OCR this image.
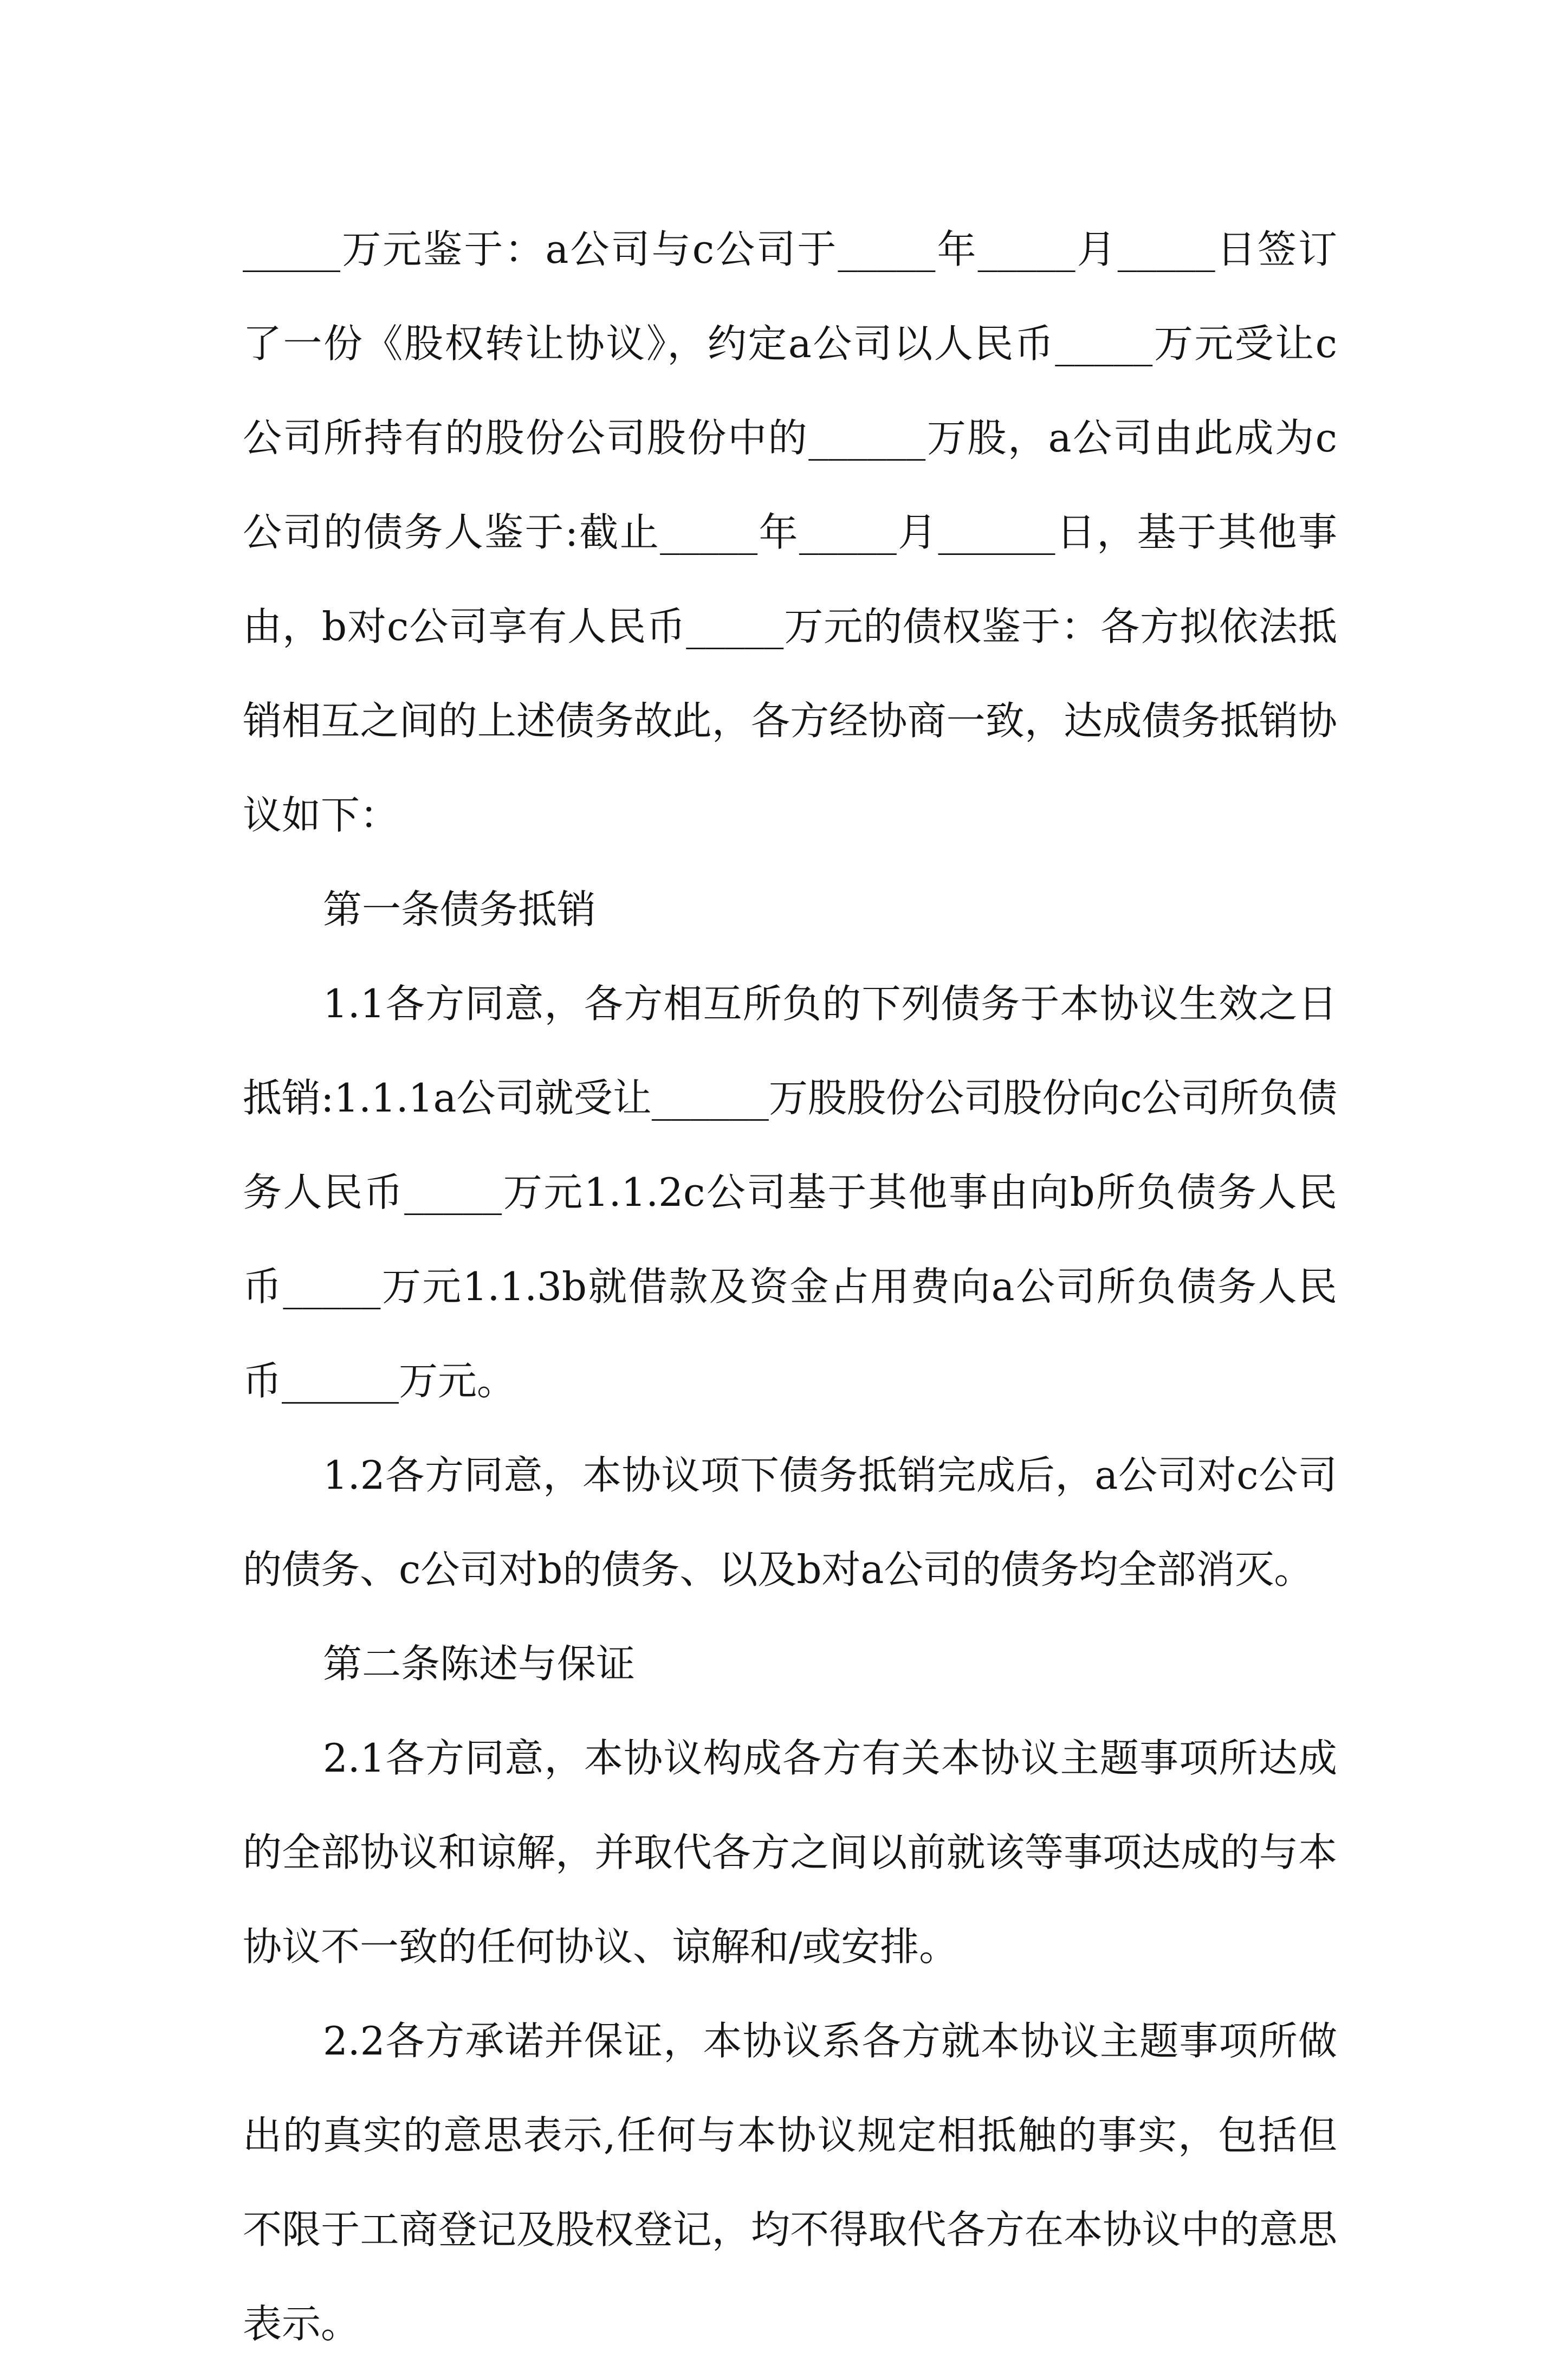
_____万元鉴于：a公司与c公司于_____年_____月_____日签订了一份《股权转让协议》，约定a公司以人民币_____万元受让c公司所持有的股份公司股份中的______万股，a公司由此成为c公司的债务人鉴于:截止_____年_____月______日，基于其他事由，b对c公司享有人民币_____万元的债权鉴于：各方拟依法抵销相互之间的上述债务故此，各方经协商一致，达成债务抵销协议如下：

第一条债务抵销

1.1各方同意，各方相互所负的下列债务于本协议生效之日抵销:1.1.1a公司就受让______万股股份公司股份向c公司所负债务人民币_____万元1.1.2c公司基于其他事由向b所负债务人民币_____万元1.1.3b就借款及资金占用费向a公司所负债务人民币______万元。

1.2各方同意，本协议项下债务抵销完成后，a公司对c公司的债务、c公司对b的债务、以及b对a公司的债务均全部消灭。

第二条陈述与保证

2.1各方同意，本协议构成各方有关本协议主题事项所达成的全部协议和谅解，并取代各方之间以前就该等事项达成的与本协议不一致的任何协议、谅解和/或安排。

2.2各方承诺并保证，本协议系各方就本协议主题事项所做出的真实的意思表示,任何与本协议规定相抵触的事实，包括但不限于工商登记及股权登记，均不得取代各方在本协议中的意思表示。
